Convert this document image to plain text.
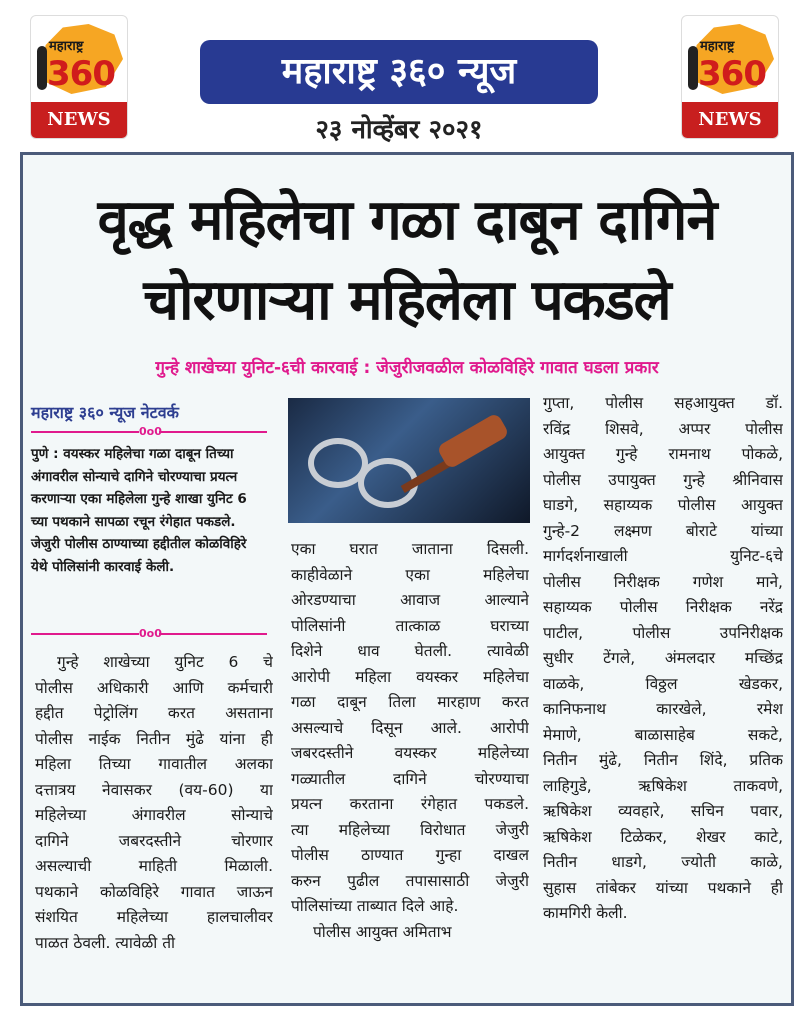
महाराष्ट्र
360
NEWS
महाराष्ट्र
360
NEWS
महाराष्ट्र ३६० न्यूज
२३ नोव्हेंबर २०२१
वृद्ध महिलेचा गळा दाबून दागिने
चोरणाऱ्या महिलेला पकडले
गुन्हे शाखेच्या युनिट-६ची कारवाई : जेजुरीजवळील कोळविहिरे गावात घडला प्रकार
महाराष्ट्र ३६० न्यूज नेटवर्क
0o0
पुणे : वयस्कर महिलेचा गळा दाबून तिच्या अंगावरील सोन्याचे दागिने चोरण्याचा प्रयत्न करणाऱ्या एका महिलेला गुन्हे शाखा युनिट 6 च्या पथकाने सापळा रचून रंगेहात पकडले. जेजुरी पोलीस ठाण्याच्या हद्दीतील कोळविहिरे येथे पोलिसांनी कारवाई केली.
0o0
गुन्हे शाखेच्या युनिट 6 चे
पोलीस अधिकारी आणि कर्मचारी
हद्दीत पेट्रोलिंग करत असताना
पोलीस नाईक नितीन मुंढे यांना ही
महिला तिच्या गावातील अलका
दत्तात्रय नेवासकर (वय-60) या
महिलेच्या अंगावरील सोन्याचे
दागिने जबरदस्तीने चोरणार
असल्याची माहिती मिळाली.
पथकाने कोळविहिरे गावात जाऊन
संशयित महिलेच्या हालचालीवर
पाळत ठेवली. त्यावेळी ती
एका घरात जाताना दिसली.
काहीवेळाने एका महिलेचा
ओरडण्याचा आवाज आल्याने
पोलिसांनी तात्काळ घराच्या
दिशेने धाव घेतली. त्यावेळी
आरोपी महिला वयस्कर महिलेचा
गळा दाबून तिला मारहाण करत
असल्याचे दिसून आले. आरोपी
जबरदस्तीने वयस्कर महिलेच्या
गळ्यातील दागिने चोरण्याचा
प्रयत्न करताना रंगेहात पकडले.
त्या महिलेच्या विरोधात जेजुरी
पोलीस ठाण्यात गुन्हा दाखल
करुन पुढील तपासासाठी जेजुरी
पोलिसांच्या ताब्यात दिले आहे.
पोलीस आयुक्त अमिताभ
गुप्ता, पोलीस सहआयुक्त डॉ.
रविंद्र शिसवे, अप्पर पोलीस
आयुक्त गुन्हे रामनाथ पोकळे,
पोलीस उपायुक्त गुन्हे श्रीनिवास
घाडगे, सहाय्यक पोलीस आयुक्त
गुन्हे-2 लक्ष्मण बोराटे यांच्या
मार्गदर्शनाखाली युनिट-६चे
पोलीस निरीक्षक गणेश माने,
सहाय्यक पोलीस निरीक्षक नरेंद्र
पाटील, पोलीस उपनिरीक्षक
सुधीर टेंगले, अंमलदार मच्छिंद्र
वाळके, विठ्ठल खेडकर,
कानिफनाथ कारखेले, रमेश
मेमाणे, बाळासाहेब सकटे,
नितीन मुंढे, नितीन शिंदे, प्रतिक
लाहिगुडे, ऋषिकेश ताकवणे,
ऋषिकेश व्यवहारे, सचिन पवार,
ऋषिकेश टिळेकर, शेखर काटे,
नितीन धाडगे, ज्योती काळे,
सुहास तांबेकर यांच्या पथकाने ही
कामगिरी केली.
